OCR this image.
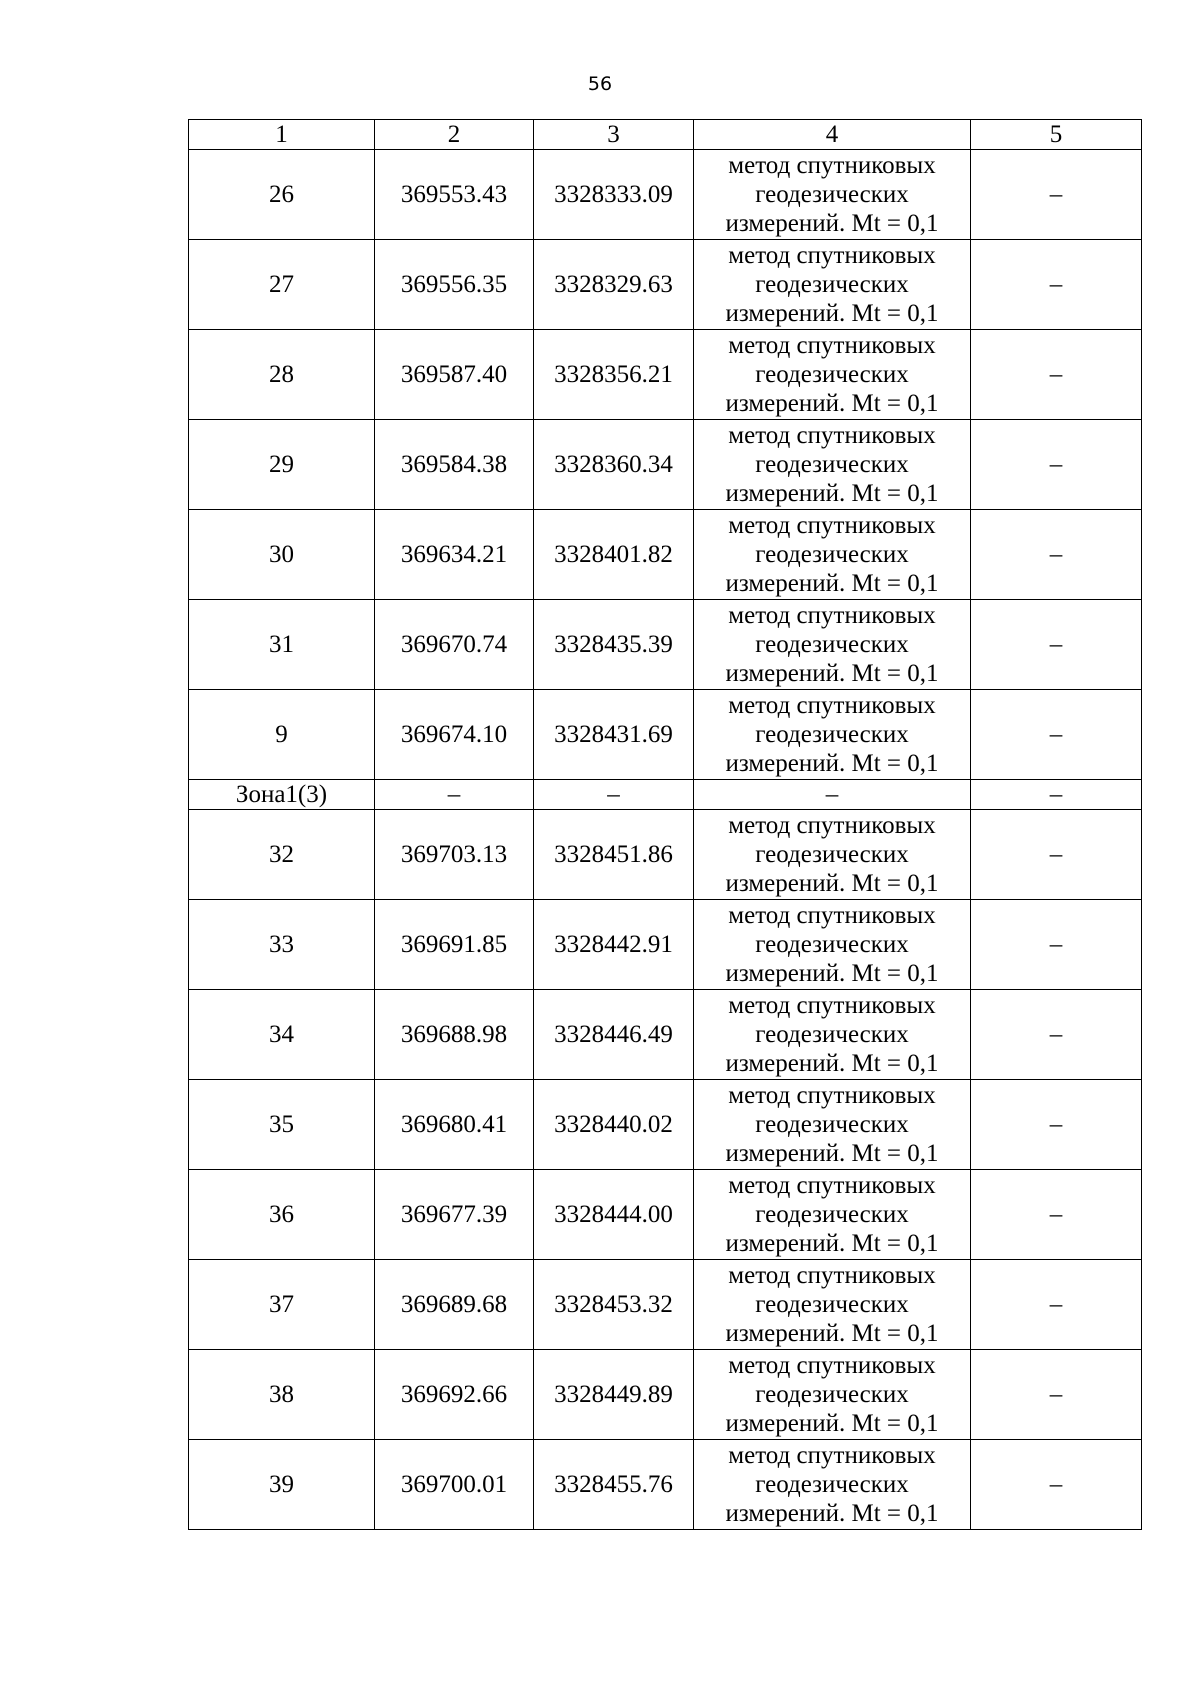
56
1	2	3	4	5
26	369553.43	3328333.09	метод спутниковых
геодезических
измерений. Mt = 0,1	–
27	369556.35	3328329.63	метод спутниковых
геодезических
измерений. Mt = 0,1	–
28	369587.40	3328356.21	метод спутниковых
геодезических
измерений. Mt = 0,1	–
29	369584.38	3328360.34	метод спутниковых
геодезических
измерений. Mt = 0,1	–
30	369634.21	3328401.82	метод спутниковых
геодезических
измерений. Mt = 0,1	–
31	369670.74	3328435.39	метод спутниковых
геодезических
измерений. Mt = 0,1	–
9	369674.10	3328431.69	метод спутниковых
геодезических
измерений. Mt = 0,1	–
Зона1(3)	–	–	–	–
32	369703.13	3328451.86	метод спутниковых
геодезических
измерений. Mt = 0,1	–
33	369691.85	3328442.91	метод спутниковых
геодезических
измерений. Mt = 0,1	–
34	369688.98	3328446.49	метод спутниковых
геодезических
измерений. Mt = 0,1	–
35	369680.41	3328440.02	метод спутниковых
геодезических
измерений. Mt = 0,1	–
36	369677.39	3328444.00	метод спутниковых
геодезических
измерений. Mt = 0,1	–
37	369689.68	3328453.32	метод спутниковых
геодезических
измерений. Mt = 0,1	–
38	369692.66	3328449.89	метод спутниковых
геодезических
измерений. Mt = 0,1	–
39	369700.01	3328455.76	метод спутниковых
геодезических
измерений. Mt = 0,1	–
